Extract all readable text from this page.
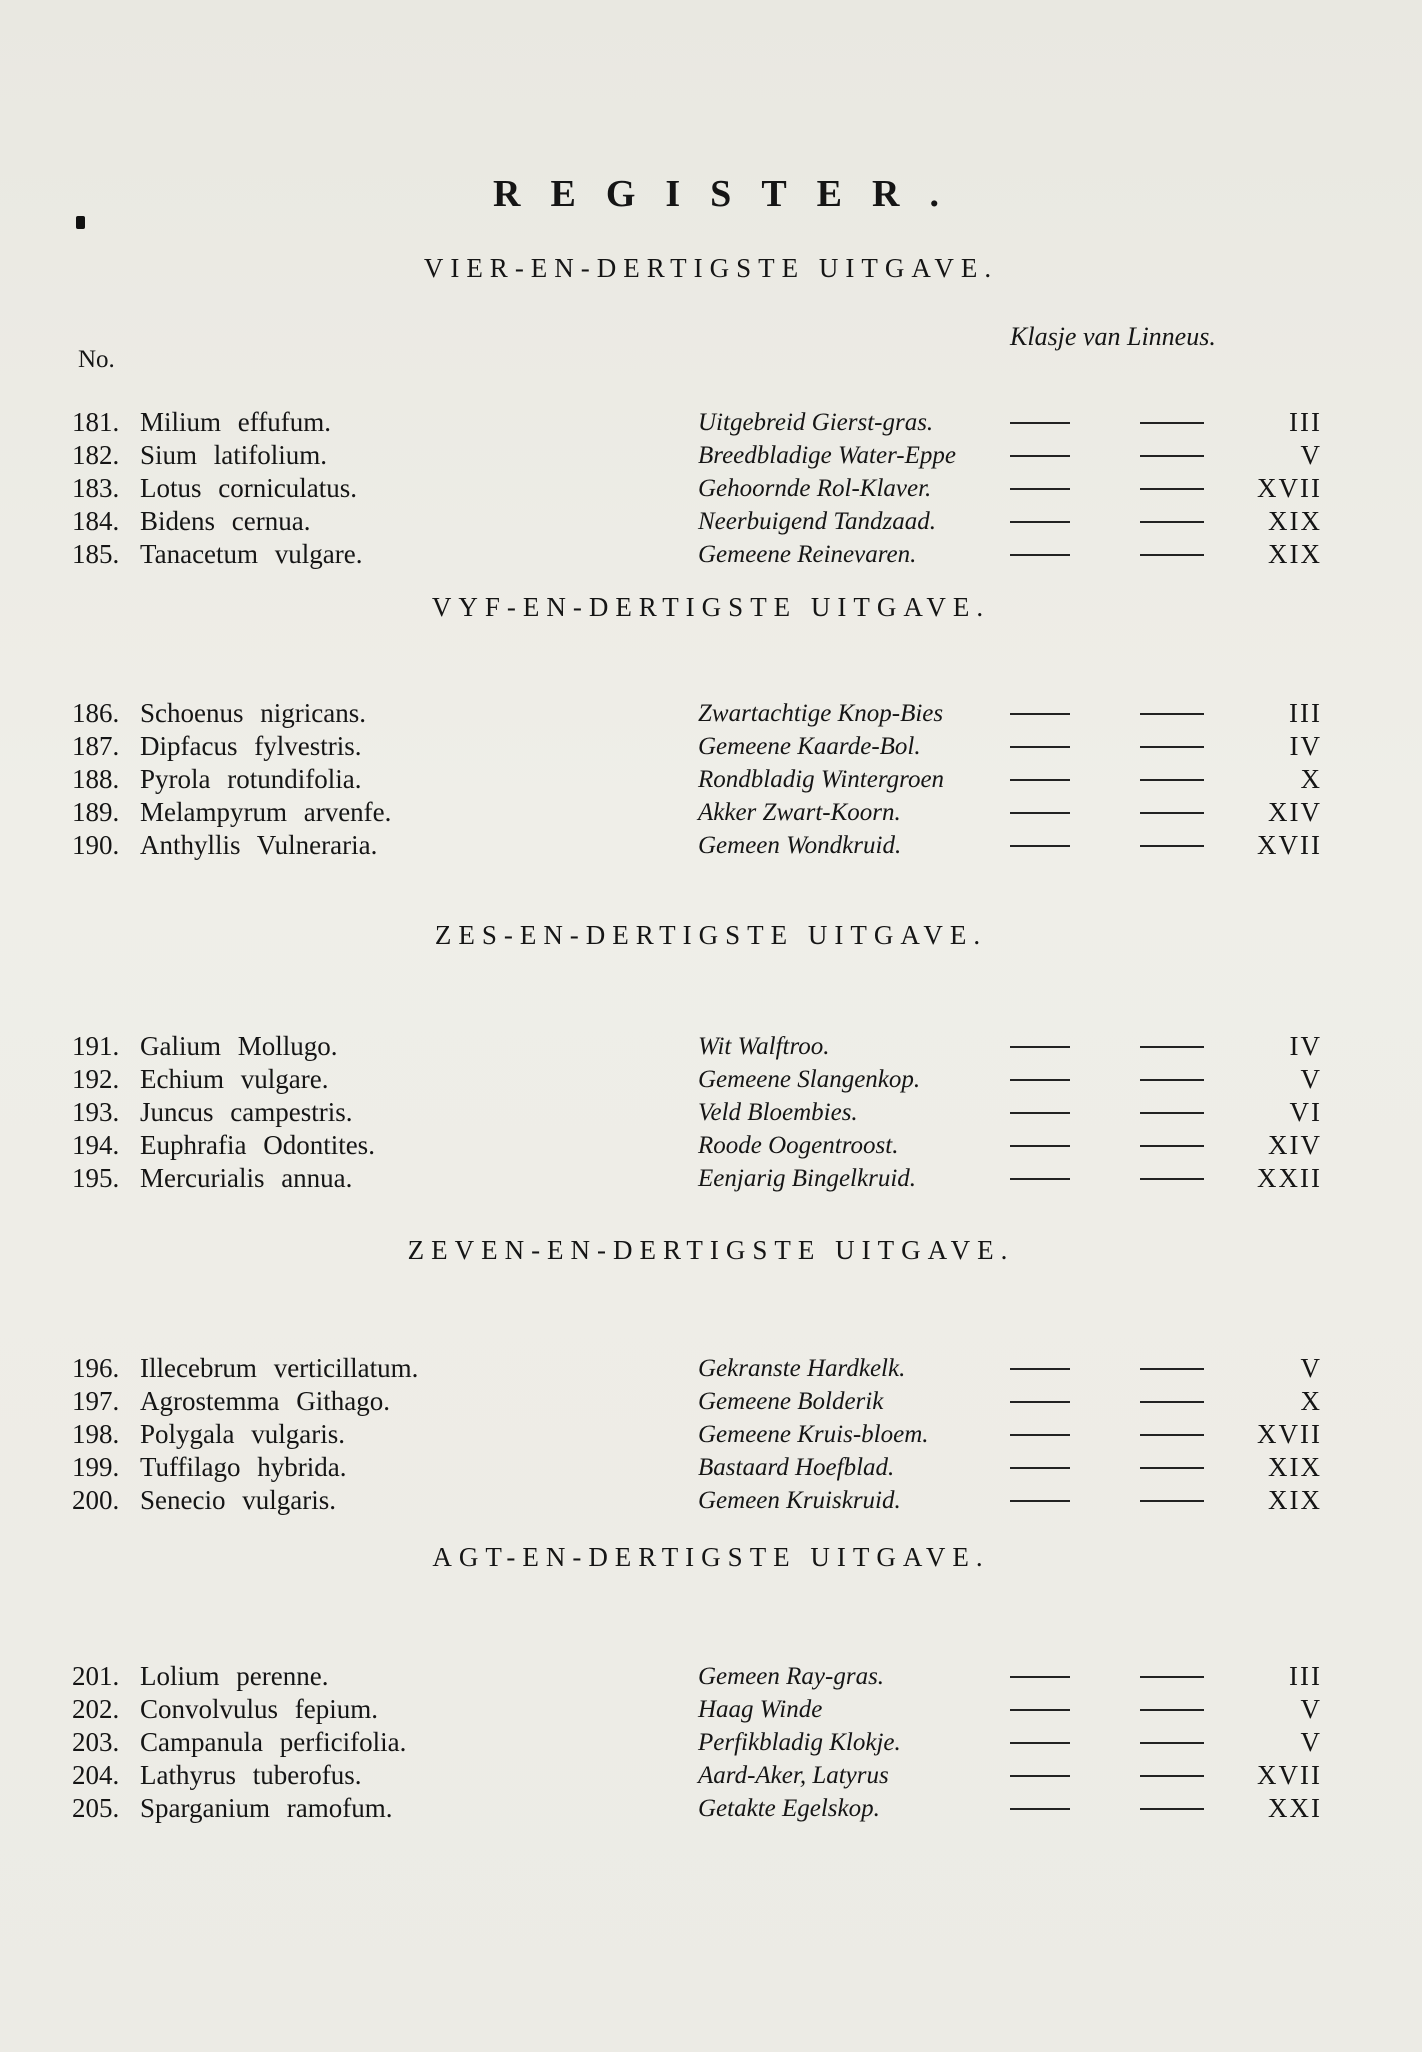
REGISTER.
Klasje van Linneus.
No.
VIER-EN-DERTIGSTE UITGAVE.
181. Milium effufum.	Uitgebreid Gierst-gras.	III
182. Sium latifolium.	Breedbladige Water-Eppe	V
183. Lotus corniculatus.	Gehoornde Rol-Klaver.	XVII
184. Bidens cernua.	Neerbuigend Tandzaad.	XIX
185. Tanacetum vulgare.	Gemeene Reinevaren.	XIX
VYF-EN-DERTIGSTE UITGAVE.
186. Schoenus nigricans.	Zwartachtige Knop-Bies	III
187. Dipfacus fylvestris.	Gemeene Kaarde-Bol.	IV
188. Pyrola rotundifolia.	Rondbladig Wintergroen	X
189. Melampyrum arvenfe.	Akker Zwart-Koorn.	XIV
190. Anthyllis Vulneraria.	Gemeen Wondkruid.	XVII
ZES-EN-DERTIGSTE UITGAVE.
191. Galium Mollugo.	Wit Walftroo.	IV
192. Echium vulgare.	Gemeene Slangenkop.	V
193. Juncus campestris.	Veld Bloembies.	VI
194. Euphrafia Odontites.	Roode Oogentroost.	XIV
195. Mercurialis annua.	Eenjarig Bingelkruid.	XXII
ZEVEN-EN-DERTIGSTE UITGAVE.
196. Illecebrum verticillatum.	Gekranste Hardkelk.	V
197. Agrostemma Githago.	Gemeene Bolderik	X
198. Polygala vulgaris.	Gemeene Kruis-bloem.	XVII
199. Tuffilago hybrida.	Bastaard Hoefblad.	XIX
200. Senecio vulgaris.	Gemeen Kruiskruid.	XIX
AGT-EN-DERTIGSTE UITGAVE.
201. Lolium perenne.	Gemeen Ray-gras.	III
202. Convolvulus fepium.	Haag Winde	V
203. Campanula perficifolia.	Perfikbladig Klokje.	V
204. Lathyrus tuberofus.	Aard-Aker, Latyrus	XVII
205. Sparganium ramofum.	Getakte Egelskop.	XXI
